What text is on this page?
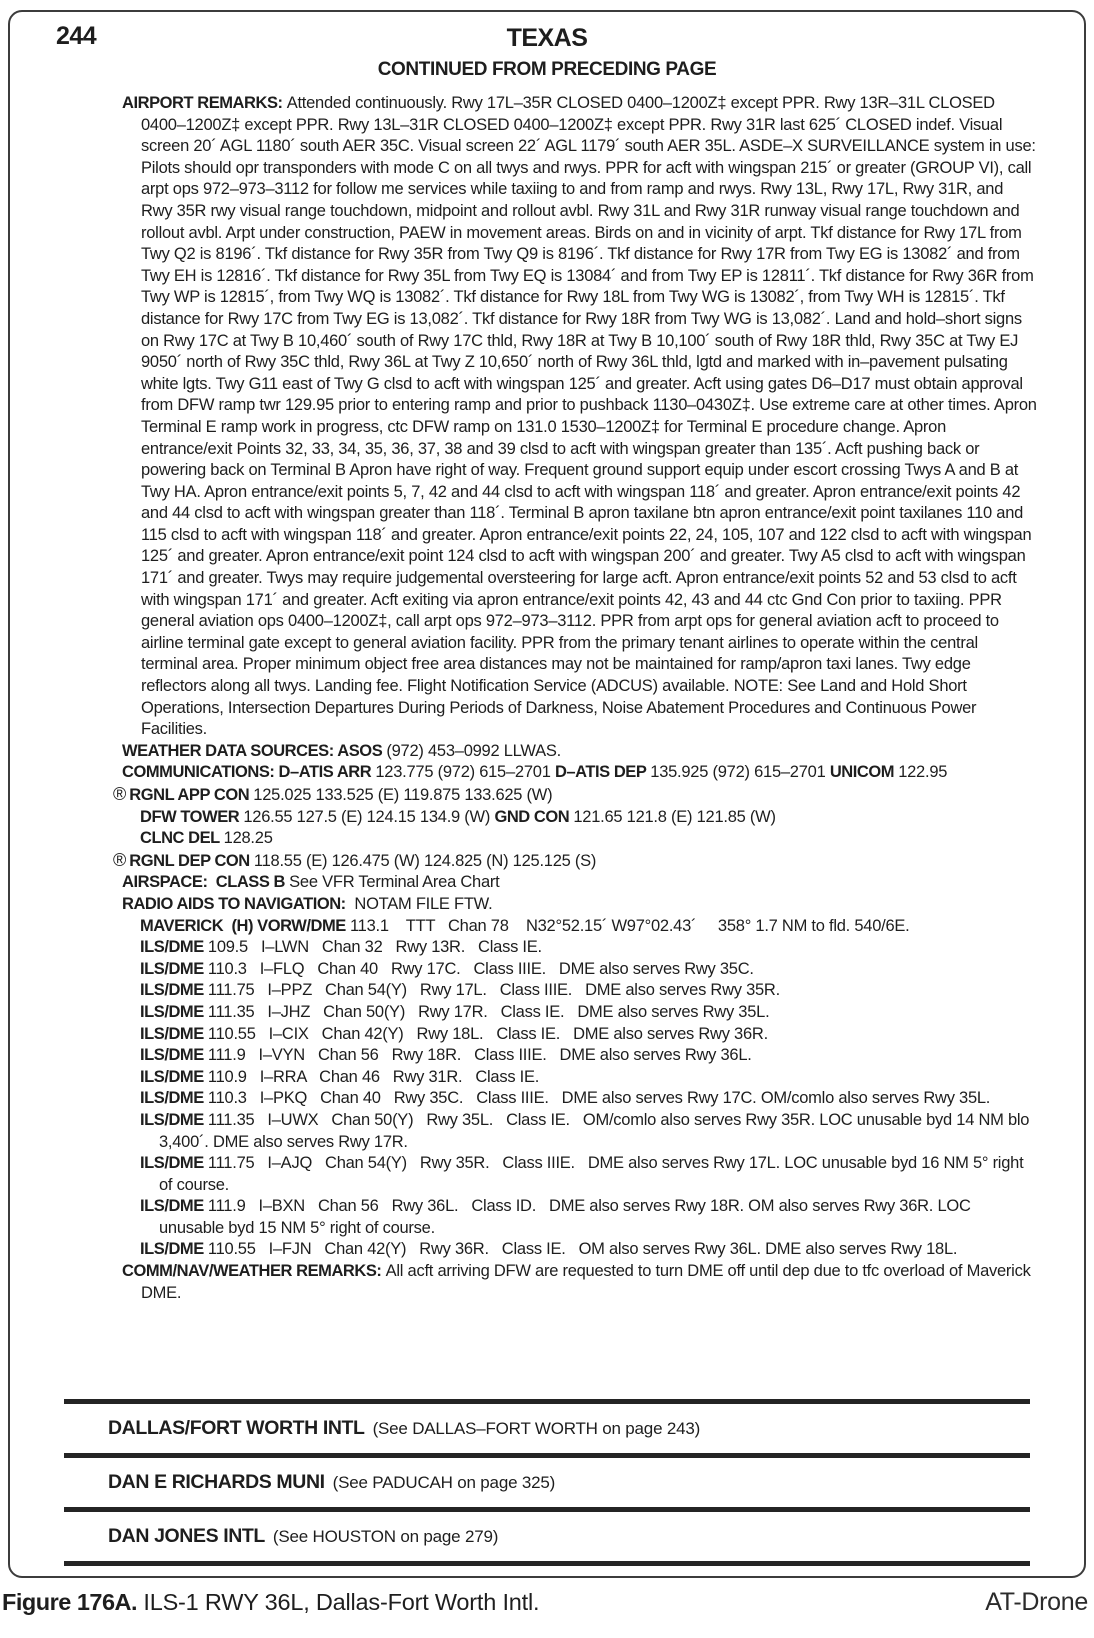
244	TEXAS
CONTINUED FROM PRECEDING PAGE
AIRPORT REMARKS: Attended continuously. Rwy 17L–35R CLOSED 0400–1200Z‡ except PPR. Rwy 13R–31L CLOSED 0400–1200Z‡ except PPR. Rwy 13L–31R CLOSED 0400–1200Z‡ except PPR. Rwy 31R last 625´ CLOSED indef. Visual screen 20´ AGL 1180´ south AER 35C. Visual screen 22´ AGL 1179´ south AER 35L. ASDE–X SURVEILLANCE system in use: Pilots should opr transponders with mode C on all twys and rwys. PPR for acft with wingspan 215´ or greater (GROUP VI), call arpt ops 972–973–3112 for follow me services while taxiing to and from ramp and rwys. Rwy 13L, Rwy 17L, Rwy 31R, and Rwy 35R rwy visual range touchdown, midpoint and rollout avbl. Rwy 31L and Rwy 31R runway visual range touchdown and rollout avbl. Arpt under construction, PAEW in movement areas. Birds on and in vicinity of arpt. Tkf distance for Rwy 17L from Twy Q2 is 8196´. Tkf distance for Rwy 35R from Twy Q9 is 8196´. Tkf distance for Rwy 17R from Twy EG is 13082´ and from Twy EH is 12816´. Tkf distance for Rwy 35L from Twy EQ is 13084´ and from Twy EP is 12811´. Tkf distance for Rwy 36R from Twy WP is 12815´, from Twy WQ is 13082´. Tkf distance for Rwy 18L from Twy WG is 13082´, from Twy WH is 12815´. Tkf distance for Rwy 17C from Twy EG is 13,082´. Tkf distance for Rwy 18R from Twy WG is 13,082´. Land and hold–short signs on Rwy 17C at Twy B 10,460´ south of Rwy 17C thld, Rwy 18R at Twy B 10,100´ south of Rwy 18R thld, Rwy 35C at Twy EJ 9050´ north of Rwy 35C thld, Rwy 36L at Twy Z 10,650´ north of Rwy 36L thld, lgtd and marked with in–pavement pulsating white lgts. Twy G11 east of Twy G clsd to acft with wingspan 125´ and greater. Acft using gates D6–D17 must obtain approval from DFW ramp twr 129.95 prior to entering ramp and prior to pushback 1130–0430Z‡. Use extreme care at other times. Apron Terminal E ramp work in progress, ctc DFW ramp on 131.0 1530–1200Z‡ for Terminal E procedure change. Apron entrance/exit Points 32, 33, 34, 35, 36, 37, 38 and 39 clsd to acft with wingspan greater than 135´. Acft pushing back or powering back on Terminal B Apron have right of way. Frequent ground support equip under escort crossing Twys A and B at Twy HA. Apron entrance/exit points 5, 7, 42 and 44 clsd to acft with wingspan 118´ and greater. Apron entrance/exit points 42 and 44 clsd to acft with wingspan greater than 118´. Terminal B apron taxilane btn apron entrance/exit point taxilanes 110 and 115 clsd to acft with wingspan 118´ and greater. Apron entrance/exit points 22, 24, 105, 107 and 122 clsd to acft with wingspan 125´ and greater. Apron entrance/exit point 124 clsd to acft with wingspan 200´ and greater. Twy A5 clsd to acft with wingspan 171´ and greater. Twys may require judgemental oversteering for large acft. Apron entrance/exit points 52 and 53 clsd to acft with wingspan 171´ and greater. Acft exiting via apron entrance/exit points 42, 43 and 44 ctc Gnd Con prior to taxiing. PPR general aviation ops 0400–1200Z‡, call arpt ops 972–973–3112. PPR from arpt ops for general aviation acft to proceed to airline terminal gate except to general aviation facility. PPR from the primary tenant airlines to operate within the central terminal area. Proper minimum object free area distances may not be maintained for ramp/apron taxi lanes. Twy edge reflectors along all twys. Landing fee. Flight Notification Service (ADCUS) available. NOTE: See Land and Hold Short Operations, Intersection Departures During Periods of Darkness, Noise Abatement Procedures and Continuous Power Facilities.
WEATHER DATA SOURCES: ASOS (972) 453–0992 LLWAS.
COMMUNICATIONS: D–ATIS ARR 123.775 (972) 615–2701 D–ATIS DEP 135.925 (972) 615–2701 UNICOM 122.95
® RGNL APP CON 125.025 133.525 (E) 119.875 133.625 (W)
DFW TOWER 126.55 127.5 (E) 124.15 134.9 (W) GND CON 121.65 121.8 (E) 121.85 (W)
CLNC DEL 128.25
® RGNL DEP CON 118.55 (E) 126.475 (W) 124.825 (N) 125.125 (S)
AIRSPACE:  CLASS B See VFR Terminal Area Chart
RADIO AIDS TO NAVIGATION:  NOTAM FILE FTW.
MAVERICK  (H) VORW/DME 113.1    TTT   Chan 78    N32°52.15´ W97°02.43´     358° 1.7 NM to fld. 540/6E.
ILS/DME 109.5   I–LWN   Chan 32   Rwy 13R.   Class IE.
ILS/DME 110.3   I–FLQ   Chan 40   Rwy 17C.   Class IIIE.   DME also serves Rwy 35C.
ILS/DME 111.75   I–PPZ   Chan 54(Y)   Rwy 17L.   Class IIIE.   DME also serves Rwy 35R.
ILS/DME 111.35   I–JHZ   Chan 50(Y)   Rwy 17R.   Class IE.   DME also serves Rwy 35L.
ILS/DME 110.55   I–CIX   Chan 42(Y)   Rwy 18L.   Class IE.   DME also serves Rwy 36R.
ILS/DME 111.9   I–VYN   Chan 56   Rwy 18R.   Class IIIE.   DME also serves Rwy 36L.
ILS/DME 110.9   I–RRA   Chan 46   Rwy 31R.   Class IE.
ILS/DME 110.3   I–PKQ   Chan 40   Rwy 35C.   Class IIIE.   DME also serves Rwy 17C. OM/comlo also serves Rwy 35L.
ILS/DME 111.35   I–UWX   Chan 50(Y)   Rwy 35L.   Class IE.   OM/comlo also serves Rwy 35R. LOC unusable byd 14 NM blo 3,400´. DME also serves Rwy 17R.
ILS/DME 111.75   I–AJQ   Chan 54(Y)   Rwy 35R.   Class IIIE.   DME also serves Rwy 17L. LOC unusable byd 16 NM 5° right of course.
ILS/DME 111.9   I–BXN   Chan 56   Rwy 36L.   Class ID.   DME also serves Rwy 18R. OM also serves Rwy 36R. LOC unusable byd 15 NM 5° right of course.
ILS/DME 110.55   I–FJN   Chan 42(Y)   Rwy 36R.   Class IE.   OM also serves Rwy 36L. DME also serves Rwy 18L.
COMM/NAV/WEATHER REMARKS: All acft arriving DFW are requested to turn DME off until dep due to tfc overload of Maverick DME.
DALLAS/FORT WORTH INTL (See DALLAS–FORT WORTH on page 243)
DAN E RICHARDS MUNI (See PADUCAH on page 325)
DAN JONES INTL (See HOUSTON on page 279)
Figure 176A. ILS-1 RWY 36L, Dallas-Fort Worth Intl.	AT-Drone
